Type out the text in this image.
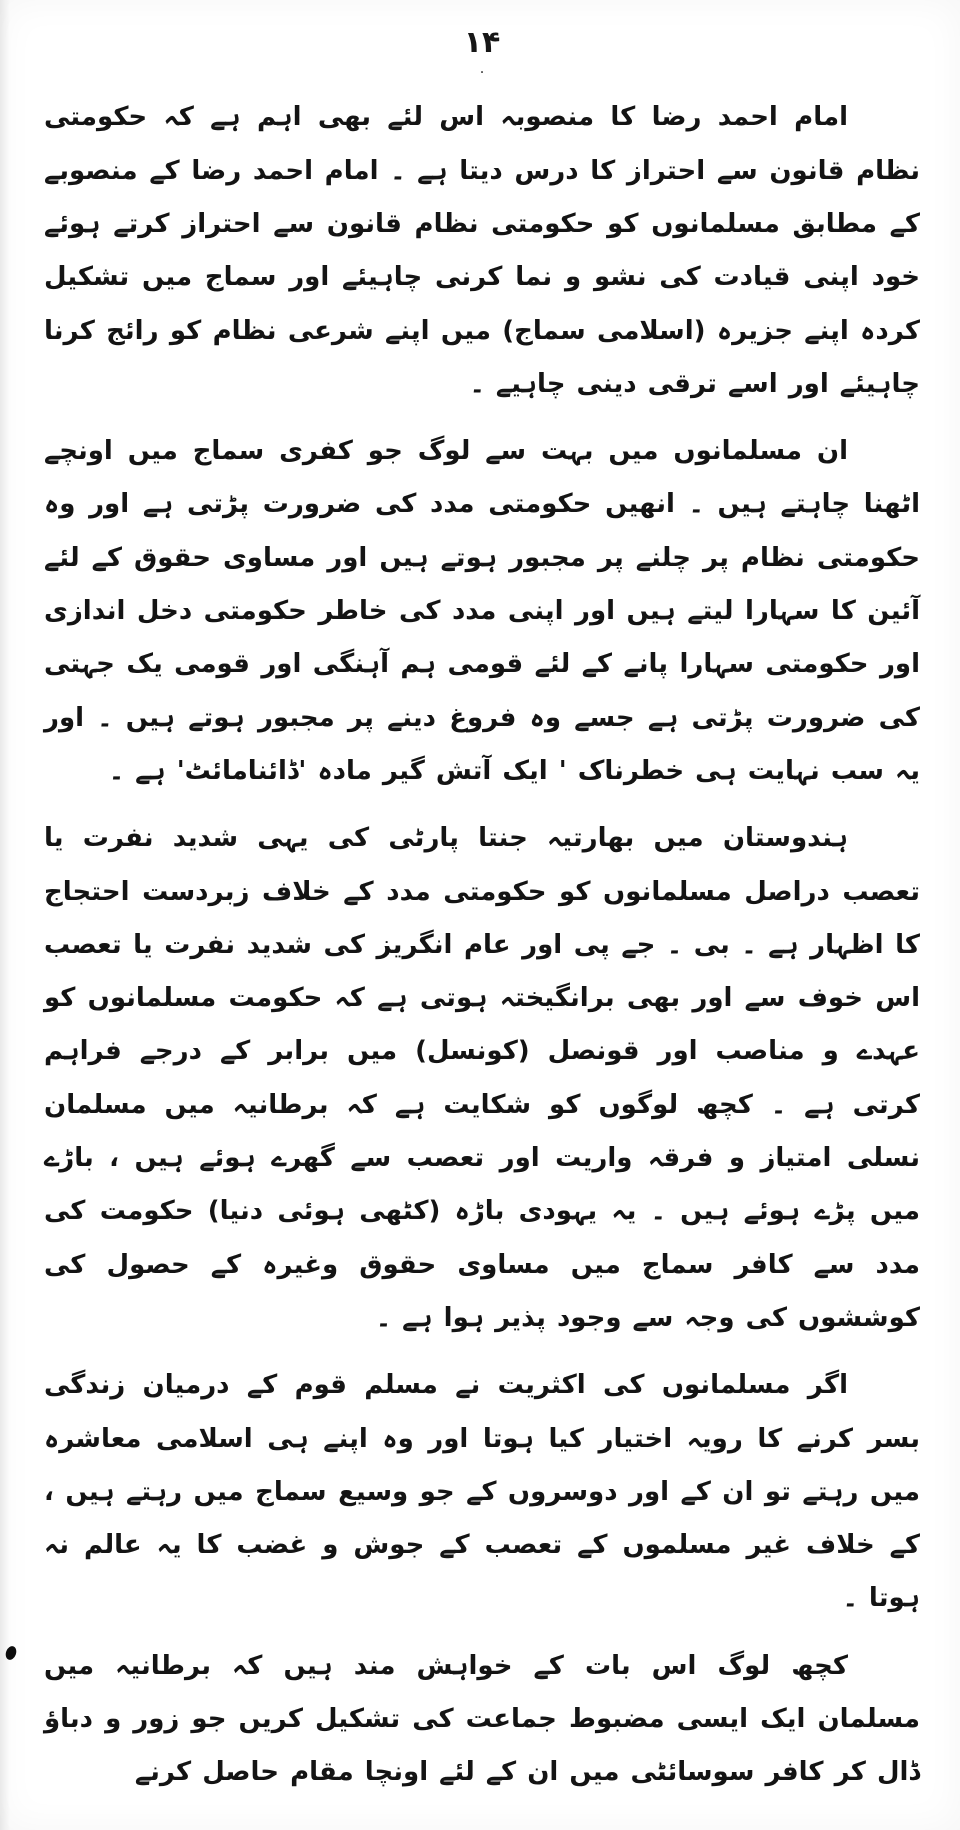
۱۴
٠

امام احمد رضا کا منصوبہ اس لئے بھی اہم ہے کہ حکومتی نظام قانون سے احتراز کا درس دیتا ہے ۔ امام احمد رضا کے منصوبے کے مطابق مسلمانوں کو حکومتی نظام قانون سے احتراز کرتے ہوئے خود اپنی قیادت کی نشو و نما کرنی چاہیئے اور سماج میں تشکیل کردہ اپنے جزیرہ (اسلامی سماج) میں اپنے شرعی نظام کو رائج کرنا چاہیئے اور اسے ترقی دینی چاہیے ۔

ان مسلمانوں میں بہت سے لوگ جو کفری سماج میں اونچے اٹھنا چاہتے ہیں ۔ انھیں حکومتی مدد کی ضرورت پڑتی ہے اور وہ حکومتی نظام پر چلنے پر مجبور ہوتے ہیں اور مساوی حقوق کے لئے آئین کا سہارا لیتے ہیں اور اپنی مدد کی خاطر حکومتی دخل اندازی اور حکومتی سہارا پانے کے لئے قومی ہم آہنگی اور قومی یک جہتی کی ضرورت پڑتی ہے جسے وہ فروغ دینے پر مجبور ہوتے ہیں ۔ اور یہ سب نہایت ہی خطرناک ' ایک آتش گیر مادہ 'ڈائنامائٹ' ہے ۔

ہندوستان میں بھارتیہ جنتا پارٹی کی یہی شدید نفرت یا تعصب دراصل مسلمانوں کو حکومتی مدد کے خلاف زبردست احتجاج کا اظہار ہے ۔ بی ۔ جے پی اور عام انگریز کی شدید نفرت یا تعصب اس خوف سے اور بھی برانگیختہ ہوتی ہے کہ حکومت مسلمانوں کو عہدے و مناصب اور قونصل (کونسل) میں برابر کے درجے فراہم کرتی ہے ۔ کچھ لوگوں کو شکایت ہے کہ برطانیہ میں مسلمان نسلی امتیاز و فرقہ واریت اور تعصب سے گھرے ہوئے ہیں ، باڑے میں پڑے ہوئے ہیں ۔ یہ یہودی باڑہ (کٹھی ہوئی دنیا) حکومت کی مدد سے کافر سماج میں مساوی حقوق وغیرہ کے حصول کی کوششوں کی وجہ سے وجود پذیر ہوا ہے ۔

اگر مسلمانوں کی اکثریت نے مسلم قوم کے درمیان زندگی بسر کرنے کا رویہ اختیار کیا ہوتا اور وہ اپنے ہی اسلامی معاشرہ میں رہتے تو ان کے اور دوسروں کے جو وسیع سماج میں رہتے ہیں ، کے خلاف غیر مسلموں کے تعصب کے جوش و غضب کا یہ عالم نہ ہوتا ۔

کچھ لوگ اس بات کے خواہش مند ہیں کہ برطانیہ میں مسلمان ایک ایسی مضبوط جماعت کی تشکیل کریں جو زور و دباؤ ڈال کر کافر سوسائٹی میں ان کے لئے اونچا مقام حاصل کرنے
